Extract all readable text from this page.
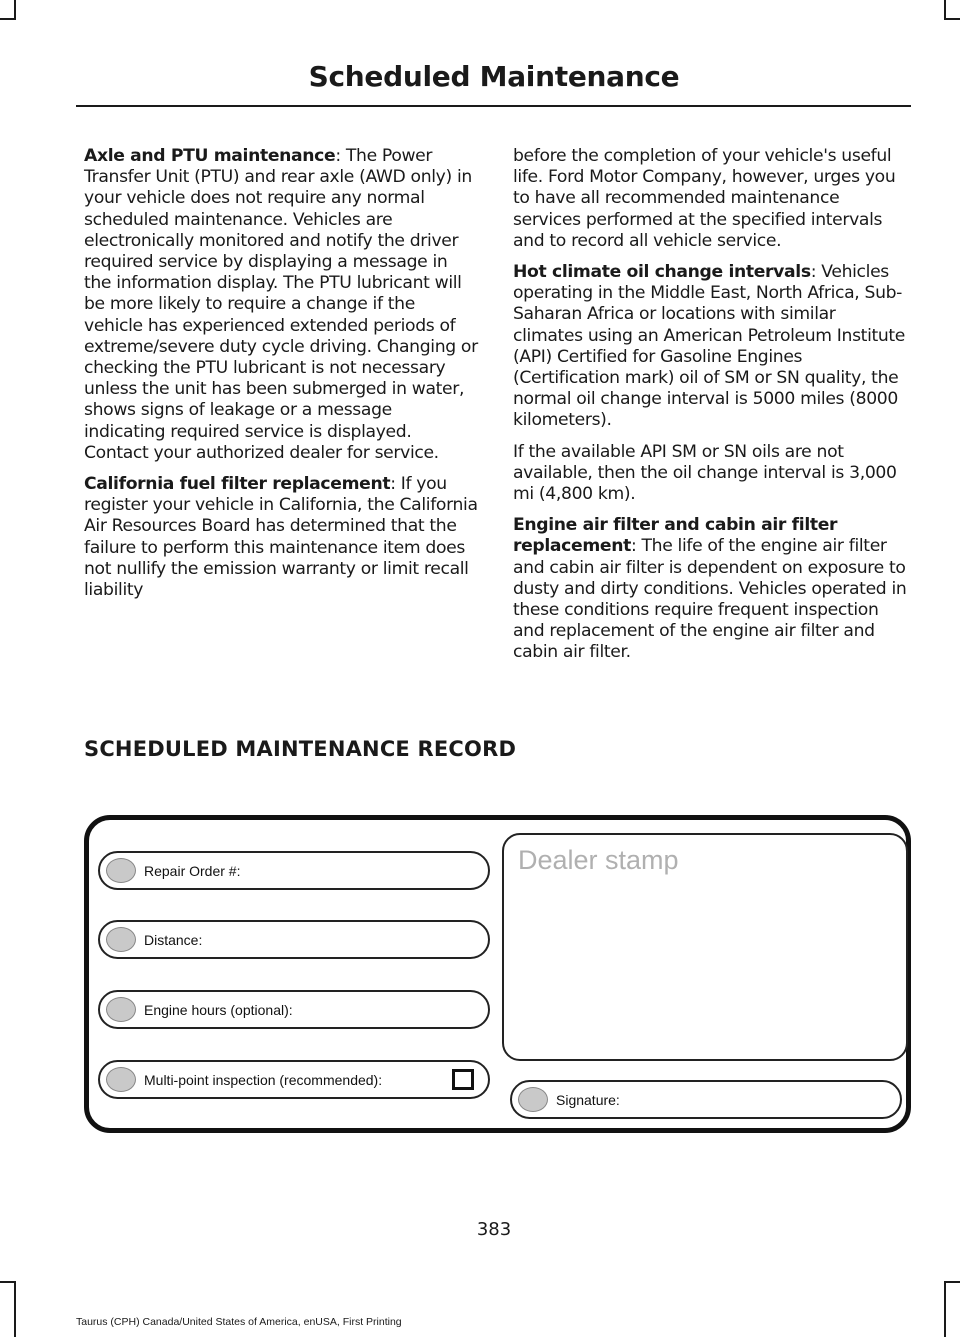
Scheduled Maintenance

Axle and PTU maintenance: The Power Transfer Unit (PTU) and rear axle (AWD only) in your vehicle does not require any normal scheduled maintenance. Vehicles are electronically monitored and notify the driver required service by displaying a message in the information display. The PTU lubricant will be more likely to require a change if the vehicle has experienced extended periods of extreme/severe duty cycle driving. Changing or checking the PTU lubricant is not necessary unless the unit has been submerged in water, shows signs of leakage or a message indicating required service is displayed. Contact your authorized dealer for service.

California fuel filter replacement: If you register your vehicle in California, the California Air Resources Board has determined that the failure to perform this maintenance item does not nullify the emission warranty or limit recall liability

before the completion of your vehicle's useful life. Ford Motor Company, however, urges you to have all recommended maintenance services performed at the specified intervals and to record all vehicle service.

Hot climate oil change intervals: Vehicles operating in the Middle East, North Africa, Sub-Saharan Africa or locations with similar climates using an American Petroleum Institute (API) Certified for Gasoline Engines (Certification mark) oil of SM or SN quality, the normal oil change interval is 5000 miles (8000 kilometers).

If the available API SM or SN oils are not available, then the oil change interval is 3,000 mi (4,800 km).

Engine air filter and cabin air filter replacement: The life of the engine air filter and cabin air filter is dependent on exposure to dusty and dirty conditions. Vehicles operated in these conditions require frequent inspection and replacement of the engine air filter and cabin air filter.

SCHEDULED MAINTENANCE RECORD
Repair Order #:
Distance:
Engine hours (optional):
Multi-point inspection (recommended):
Dealer stamp
Signature:
383
Taurus (CPH) Canada/United States of America, enUSA, First Printing
